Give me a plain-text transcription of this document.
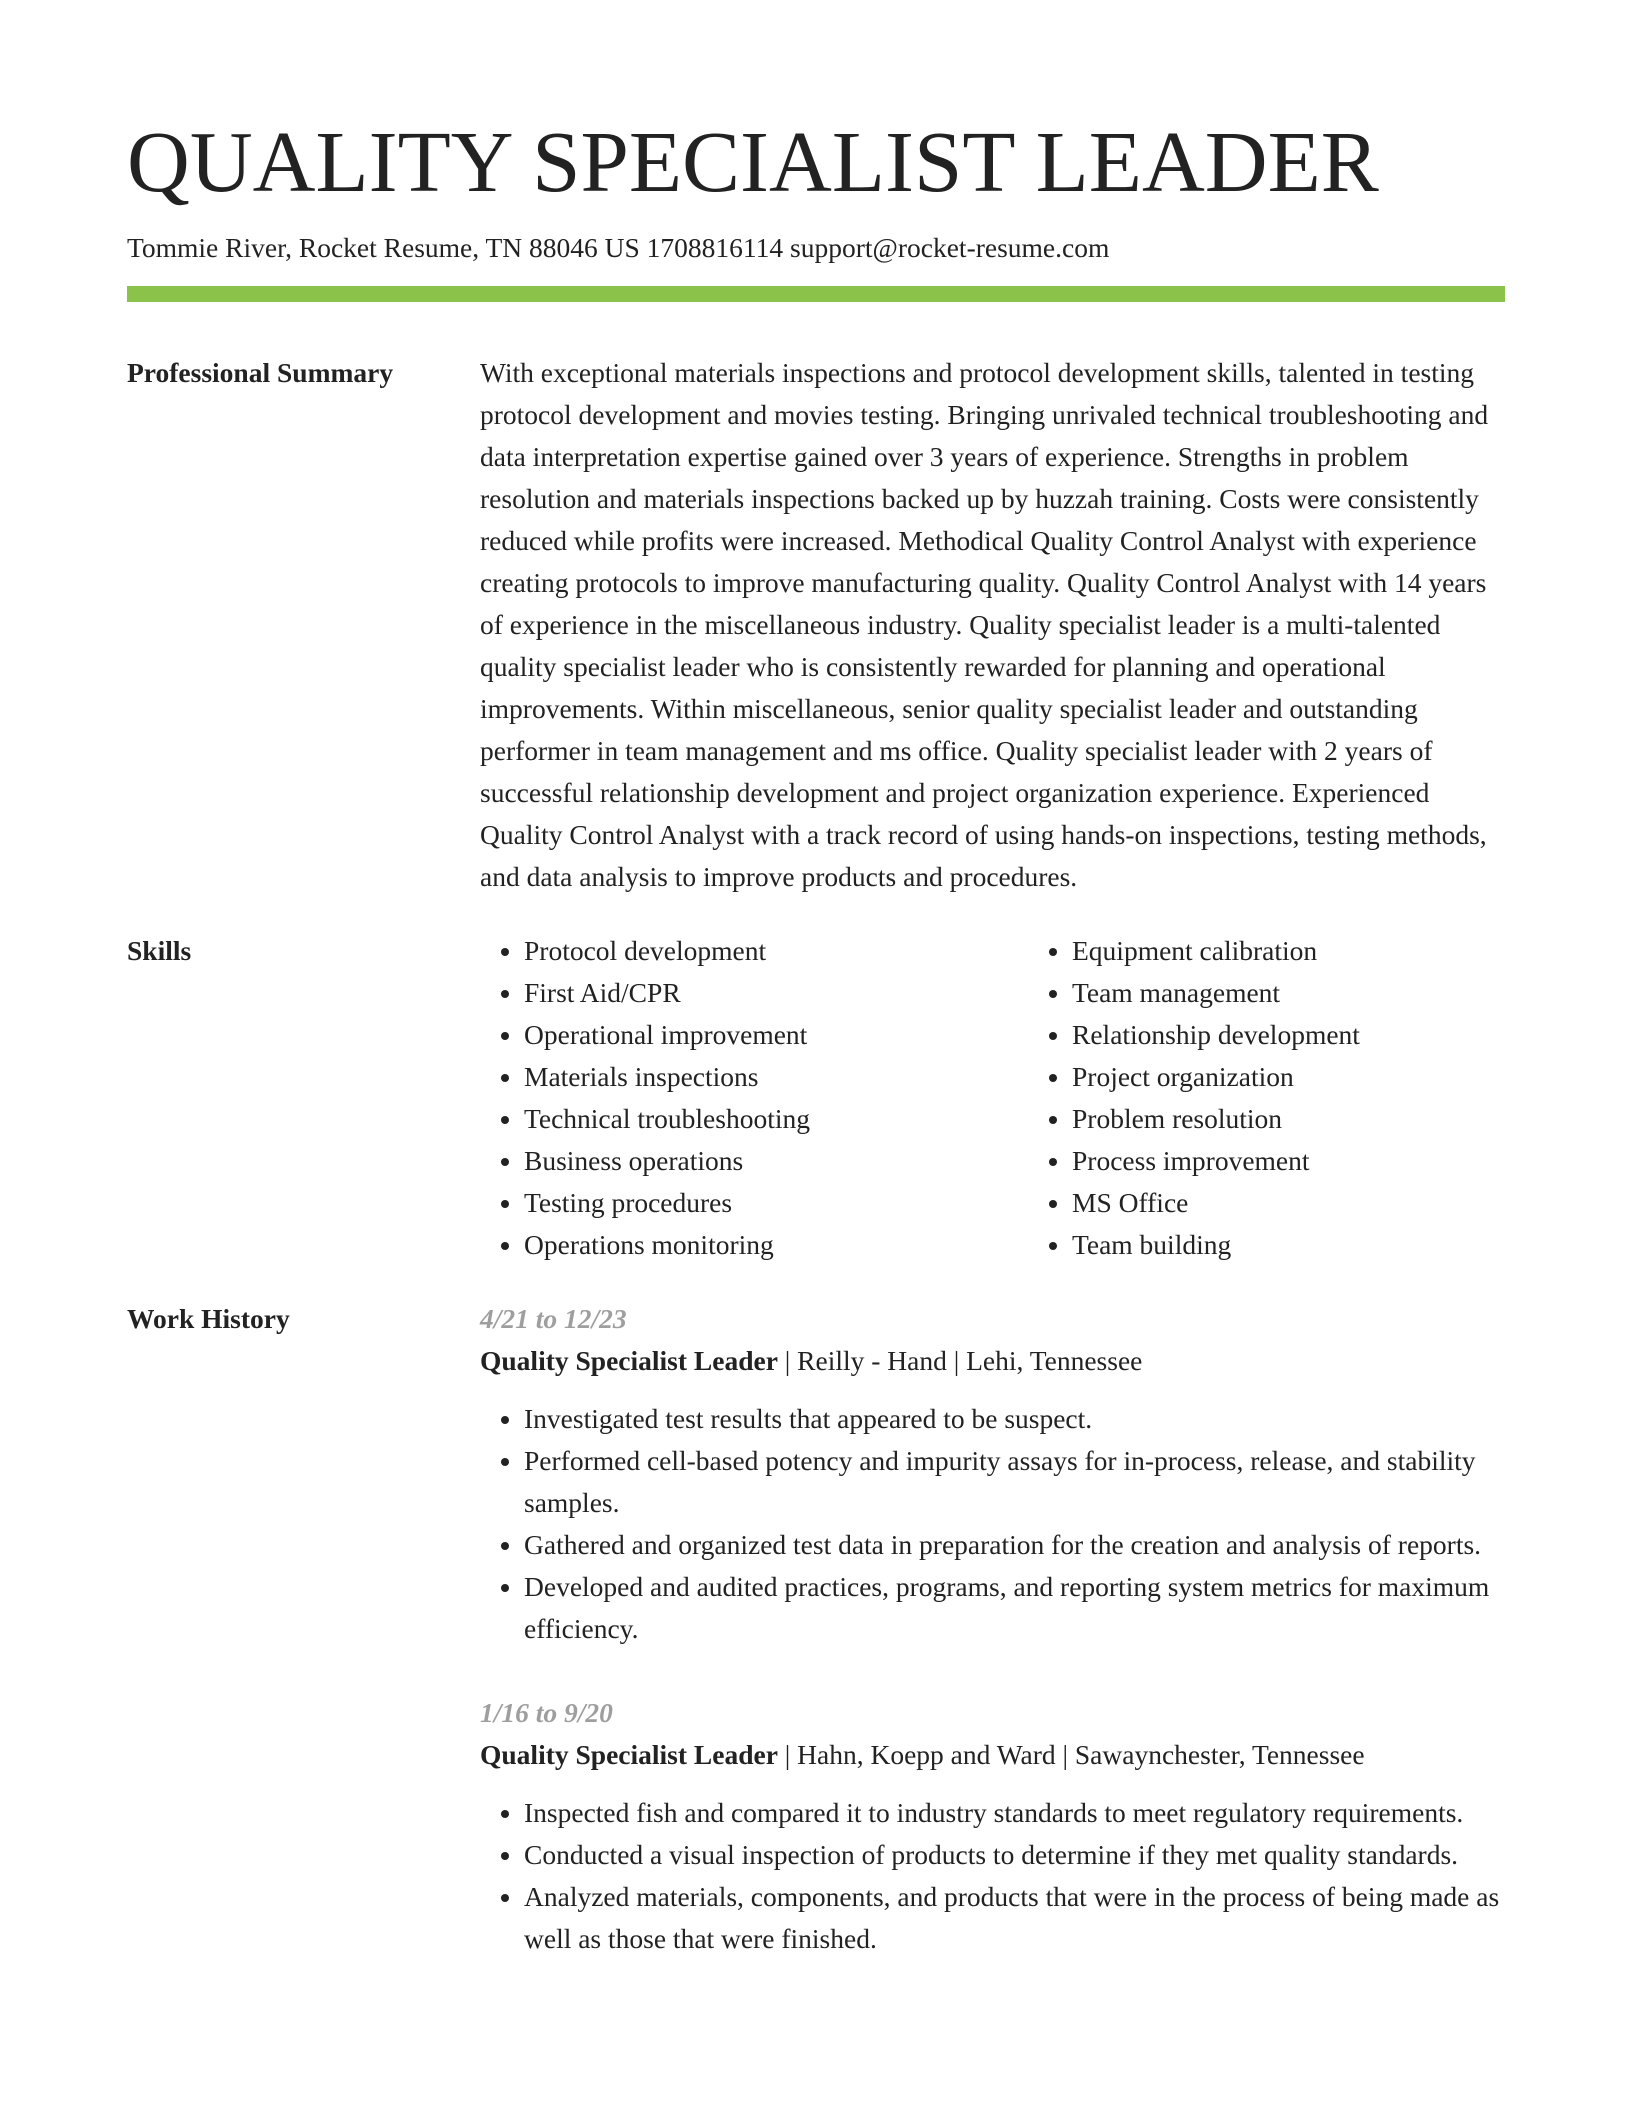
QUALITY SPECIALIST LEADER
Tommie River, Rocket Resume, TN 88046 US 1708816114 support@rocket-resume.com
Professional Summary	With exceptional materials inspections and protocol development skills, talented in testing protocol development and movies testing. Bringing unrivaled technical troubleshooting and data interpretation expertise gained over 3 years of experience. Strengths in problem resolution and materials inspections backed up by huzzah training. Costs were consistently reduced while profits were increased. Methodical Quality Control Analyst with experience creating protocols to improve manufacturing quality. Quality Control Analyst with 14 years of experience in the miscellaneous industry. Quality specialist leader is a multi-talented quality specialist leader who is consistently rewarded for planning and operational improvements. Within miscellaneous, senior quality specialist leader and outstanding performer in team management and ms office. Quality specialist leader with 2 years of successful relationship development and project organization experience. Experienced Quality Control Analyst with a track record of using hands-on inspections, testing methods, and data analysis to improve products and procedures.

Skills
•	Protocol development
• First Aid/CPR
• Operational improvement
• Materials inspections
• Technical troubleshooting
• Business operations
• Testing procedures
• Operations monitoring
• Equipment calibration
• Team management
• Relationship development
• Project organization
• Problem resolution
• Process improvement
• MS Office
• Team building
Work History	4/21 to 12/23
Quality Specialist Leader | Reilly - Hand | Lehi, Tennessee
• Investigated test results that appeared to be suspect.
• Performed cell-based potency and impurity assays for in-process, release, and stability samples.
• Gathered and organized test data in preparation for the creation and analysis of reports.
• Developed and audited practices, programs, and reporting system metrics for maximum efficiency.
1/16 to 9/20
Quality Specialist Leader | Hahn, Koepp and Ward | Sawaynchester, Tennessee
• Inspected fish and compared it to industry standards to meet regulatory requirements.
• Conducted a visual inspection of products to determine if they met quality standards.
• Analyzed materials, components, and products that were in the process of being made as well as those that were finished.
